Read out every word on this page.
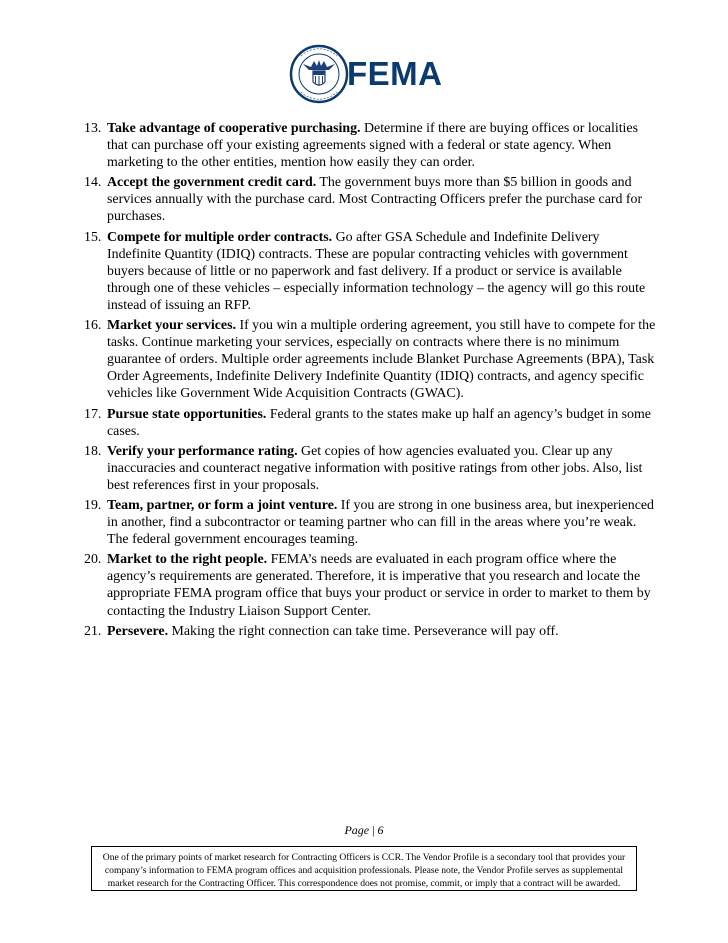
FEMA
13. Take advantage of cooperative purchasing. Determine if there are buying offices or localities that can purchase off your existing agreements signed with a federal or state agency. When marketing to the other entities, mention how easily they can order.
14. Accept the government credit card. The government buys more than $5 billion in goods and services annually with the purchase card. Most Contracting Officers prefer the purchase card for purchases.
15. Compete for multiple order contracts. Go after GSA Schedule and Indefinite Delivery Indefinite Quantity (IDIQ) contracts. These are popular contracting vehicles with government buyers because of little or no paperwork and fast delivery. If a product or service is available through one of these vehicles – especially information technology – the agency will go this route instead of issuing an RFP.
16. Market your services. If you win a multiple ordering agreement, you still have to compete for the tasks. Continue marketing your services, especially on contracts where there is no minimum guarantee of orders. Multiple order agreements include Blanket Purchase Agreements (BPA), Task Order Agreements, Indefinite Delivery Indefinite Quantity (IDIQ) contracts, and agency specific vehicles like Government Wide Acquisition Contracts (GWAC).
17. Pursue state opportunities. Federal grants to the states make up half an agency’s budget in some cases.
18. Verify your performance rating. Get copies of how agencies evaluated you. Clear up any inaccuracies and counteract negative information with positive ratings from other jobs. Also, list best references first in your proposals.
19. Team, partner, or form a joint venture. If you are strong in one business area, but inexperienced in another, find a subcontractor or teaming partner who can fill in the areas where you’re weak. The federal government encourages teaming.
20. Market to the right people. FEMA’s needs are evaluated in each program office where the agency’s requirements are generated. Therefore, it is imperative that you research and locate the appropriate FEMA program office that buys your product or service in order to market to them by contacting the Industry Liaison Support Center.
21. Persevere. Making the right connection can take time. Perseverance will pay off.
Page | 6
One of the primary points of market research for Contracting Officers is CCR. The Vendor Profile is a secondary tool that provides your company’s information to FEMA program offices and acquisition professionals. Please note, the Vendor Profile serves as supplemental market research for the Contracting Officer. This correspondence does not promise, commit, or imply that a contract will be awarded.
